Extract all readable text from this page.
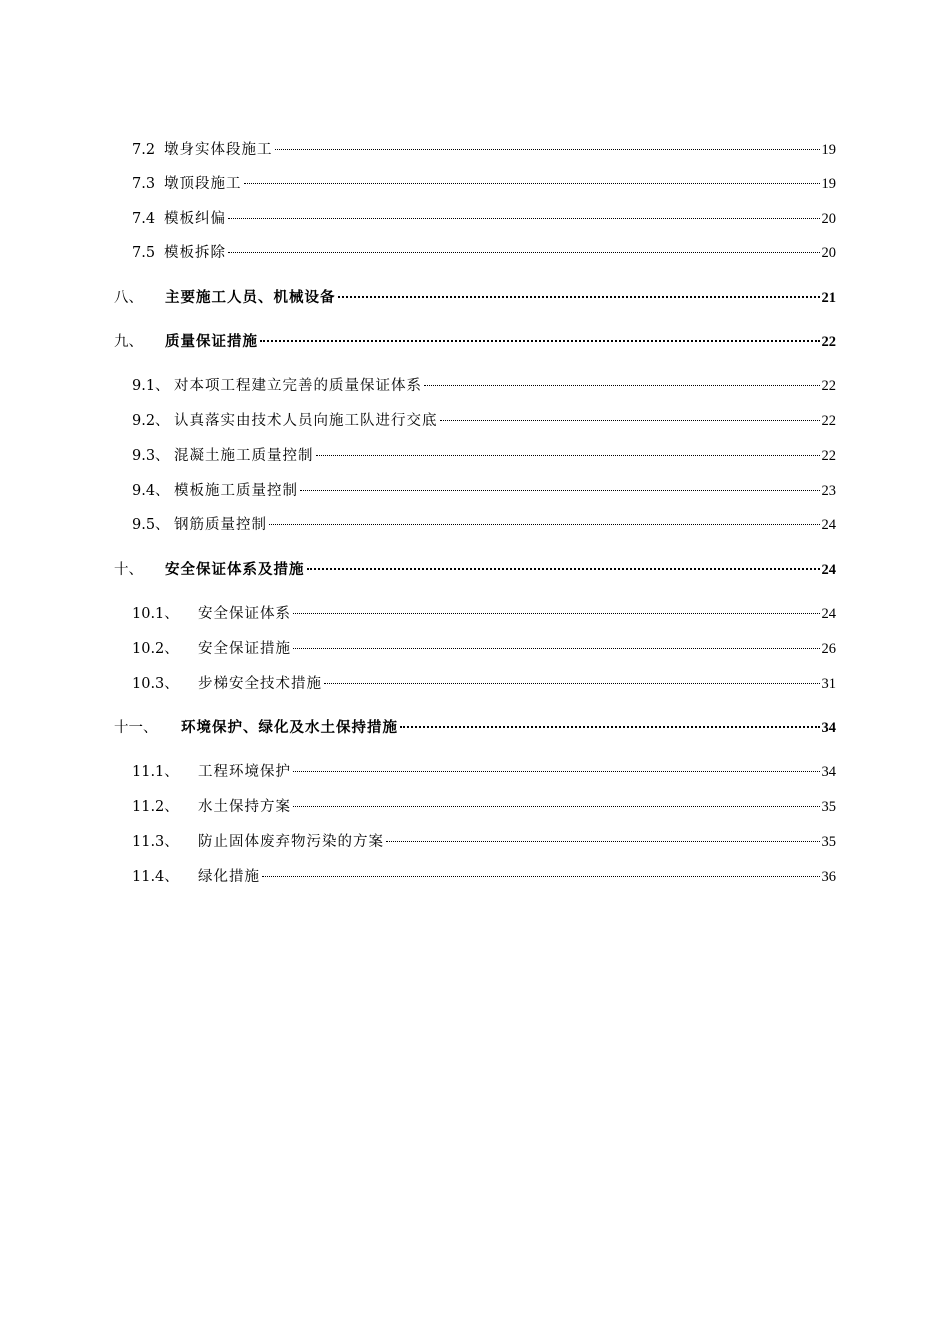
7.2 墩身实体段施工	19
7.3 墩顶段施工	19
7.4 模板纠偏	20
7.5 模板拆除	20
八、	主要施工人员、机械设备	21
九、	质量保证措施	22
9.1、 对本项工程建立完善的质量保证体系	22
9.2、 认真落实由技术人员向施工队进行交底	22
9.3、 混凝土施工质量控制	22
9.4、 模板施工质量控制	23
9.5、 钢筋质量控制	24
十、	安全保证体系及措施	24
10.1、	安全保证体系	24
10.2、	安全保证措施	26
10.3、	步梯安全技术措施	31
十一、	环境保护、绿化及水土保持措施	34
11.1、	工程环境保护	34
11.2、	水土保持方案	35
11.3、	防止固体废弃物污染的方案	35
11.4、	绿化措施	36
